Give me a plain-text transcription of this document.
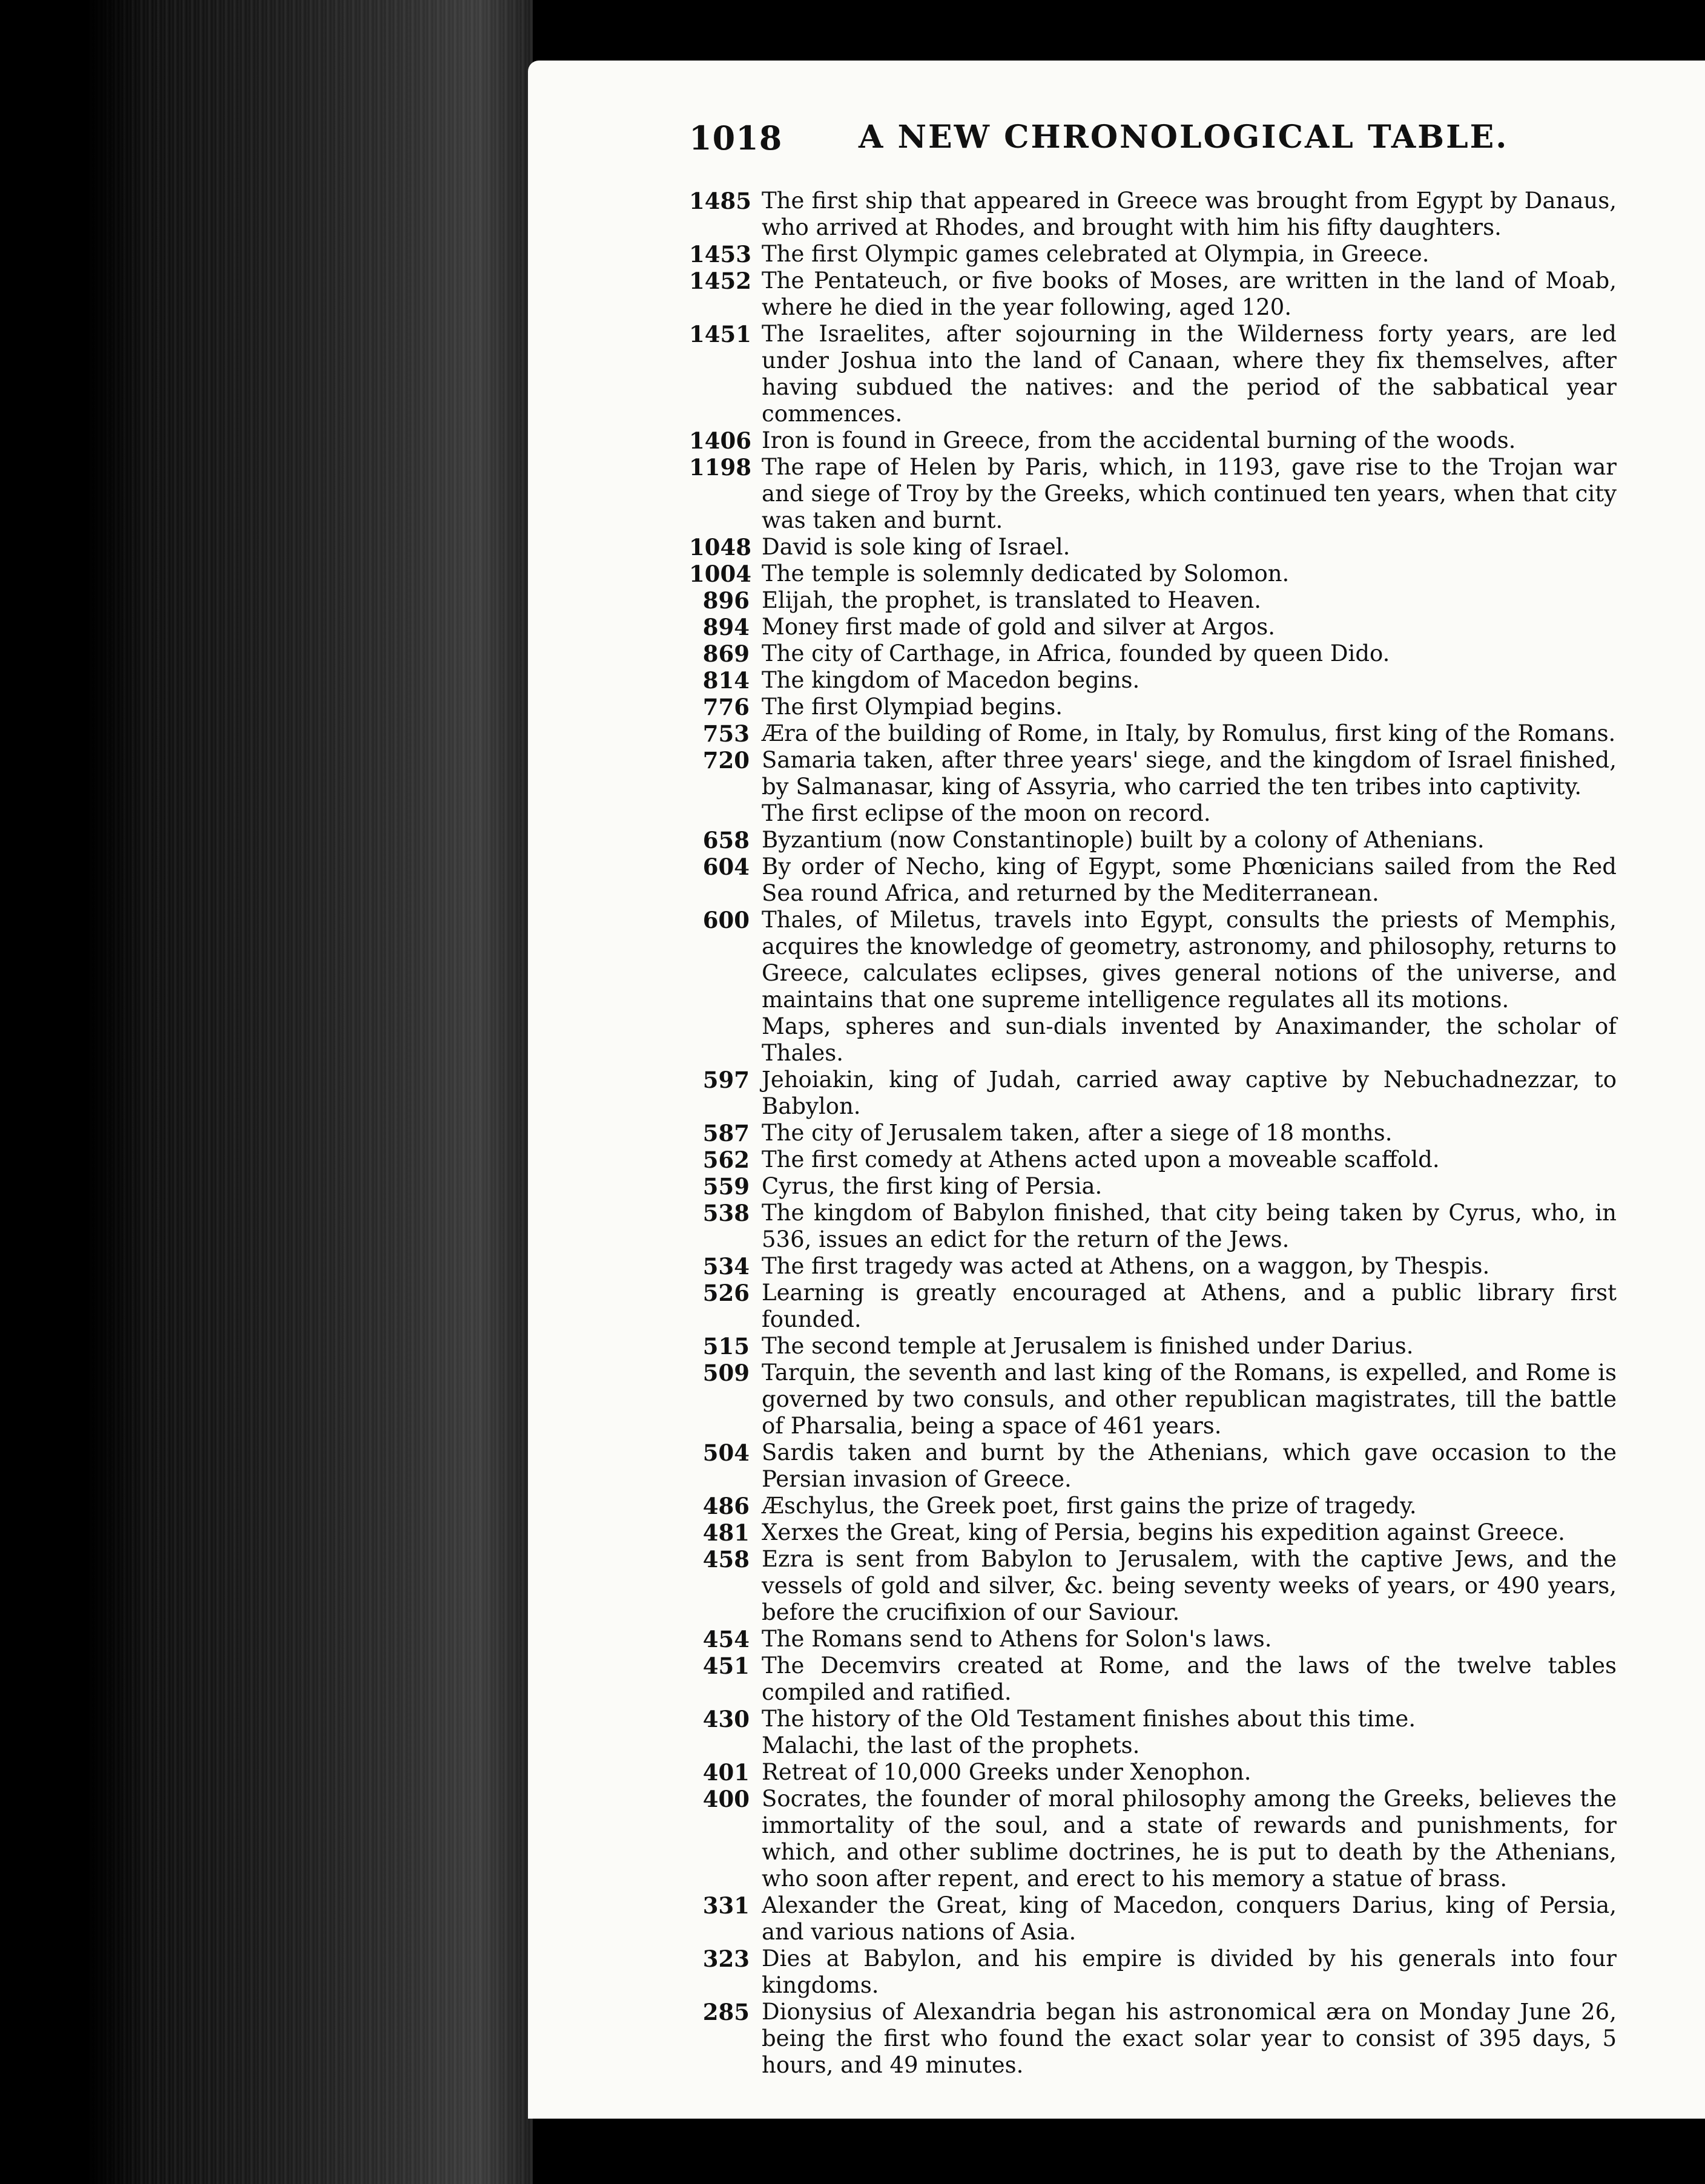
1018 A NEW CHRONOLOGICAL TABLE.
1485 The first ship that appeared in Greece was brought from Egypt by Danaus, who arrived at Rhodes, and brought with him his fifty daughters.
1453 The first Olympic games celebrated at Olympia, in Greece.
1452 The Pentateuch, or five books of Moses, are written in the land of Moab, where he died in the year following, aged 120.
1451 The Israelites, after sojourning in the Wilderness forty years, are led under Joshua into the land of Canaan, where they fix themselves, after having subdued the natives: and the period of the sabbatical year commences.
1406 Iron is found in Greece, from the accidental burning of the woods.
1198 The rape of Helen by Paris, which, in 1193, gave rise to the Trojan war and siege of Troy by the Greeks, which continued ten years, when that city was taken and burnt.
1048 David is sole king of Israel.
1004 The temple is solemnly dedicated by Solomon.
896 Elijah, the prophet, is translated to Heaven.
894 Money first made of gold and silver at Argos.
869 The city of Carthage, in Africa, founded by queen Dido.
814 The kingdom of Macedon begins.
776 The first Olympiad begins.
753 Æra of the building of Rome, in Italy, by Romulus, first king of the Romans.
720 Samaria taken, after three years' siege, and the kingdom of Israel finished, by Salmanasar, king of Assyria, who carried the ten tribes into captivity.
The first eclipse of the moon on record.
658 Byzantium (now Constantinople) built by a colony of Athenians.
604 By order of Necho, king of Egypt, some Phœnicians sailed from the Red Sea round Africa, and returned by the Mediterranean.
600 Thales, of Miletus, travels into Egypt, consults the priests of Memphis, acquires the knowledge of geometry, astronomy, and philosophy, returns to Greece, calculates eclipses, gives general notions of the universe, and maintains that one supreme intelligence regulates all its motions.
Maps, spheres and sun-dials invented by Anaximander, the scholar of Thales.
597 Jehoiakin, king of Judah, carried away captive by Nebuchadnezzar, to Babylon.
587 The city of Jerusalem taken, after a siege of 18 months.
562 The first comedy at Athens acted upon a moveable scaffold.
559 Cyrus, the first king of Persia.
538 The kingdom of Babylon finished, that city being taken by Cyrus, who, in 536, issues an edict for the return of the Jews.
534 The first tragedy was acted at Athens, on a waggon, by Thespis.
526 Learning is greatly encouraged at Athens, and a public library first founded.
515 The second temple at Jerusalem is finished under Darius.
509 Tarquin, the seventh and last king of the Romans, is expelled, and Rome is governed by two consuls, and other republican magistrates, till the battle of Pharsalia, being a space of 461 years.
504 Sardis taken and burnt by the Athenians, which gave occasion to the Persian invasion of Greece.
486 Æschylus, the Greek poet, first gains the prize of tragedy.
481 Xerxes the Great, king of Persia, begins his expedition against Greece.
458 Ezra is sent from Babylon to Jerusalem, with the captive Jews, and the vessels of gold and silver, &c. being seventy weeks of years, or 490 years, before the crucifixion of our Saviour.
454 The Romans send to Athens for Solon's laws.
451 The Decemvirs created at Rome, and the laws of the twelve tables compiled and ratified.
430 The history of the Old Testament finishes about this time.
Malachi, the last of the prophets.
401 Retreat of 10,000 Greeks under Xenophon.
400 Socrates, the founder of moral philosophy among the Greeks, believes the immortality of the soul, and a state of rewards and punishments, for which, and other sublime doctrines, he is put to death by the Athenians, who soon after repent, and erect to his memory a statue of brass.
331 Alexander the Great, king of Macedon, conquers Darius, king of Persia, and various nations of Asia.
323 Dies at Babylon, and his empire is divided by his generals into four kingdoms.
285 Dionysius of Alexandria began his astronomical æra on Monday June 26, being the first who found the exact solar year to consist of 395 days, 5 hours, and 49 minutes.
